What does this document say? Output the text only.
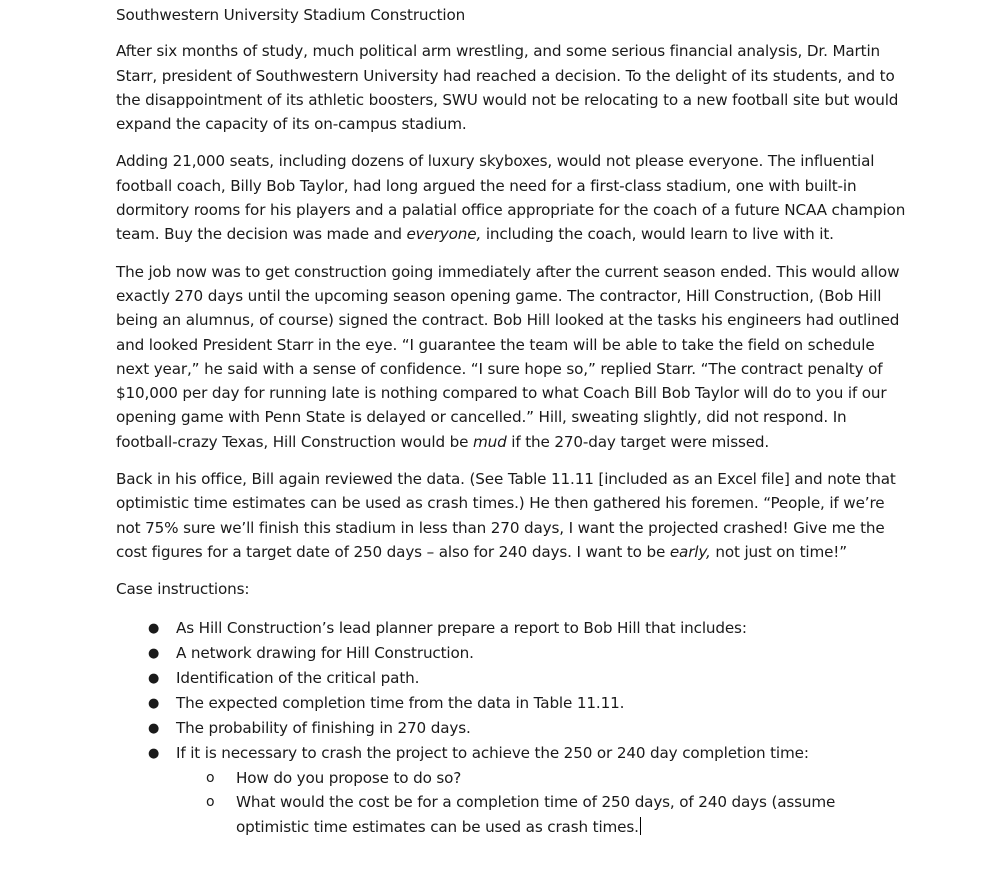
Southwestern University Stadium Construction

After six months of study, much political arm wrestling, and some serious financial analysis, Dr. Martin Starr, president of Southwestern University had reached a decision. To the delight of its students, and to the disappointment of its athletic boosters, SWU would not be relocating to a new football site but would expand the capacity of its on-campus stadium.

Adding 21,000 seats, including dozens of luxury skyboxes, would not please everyone. The influential football coach, Billy Bob Taylor, had long argued the need for a first-class stadium, one with built-in dormitory rooms for his players and a palatial office appropriate for the coach of a future NCAA champion team. Buy the decision was made and everyone, including the coach, would learn to live with it.

The job now was to get construction going immediately after the current season ended. This would allow exactly 270 days until the upcoming season opening game. The contractor, Hill Construction, (Bob Hill being an alumnus, of course) signed the contract. Bob Hill looked at the tasks his engineers had outlined and looked President Starr in the eye. “I guarantee the team will be able to take the field on schedule next year,” he said with a sense of confidence. “I sure hope so,” replied Starr. “The contract penalty of $10,000 per day for running late is nothing compared to what Coach Bill Bob Taylor will do to you if our opening game with Penn State is delayed or cancelled.” Hill, sweating slightly, did not respond. In football-crazy Texas, Hill Construction would be mud if the 270-day target were missed.

Back in his office, Bill again reviewed the data. (See Table 11.11 [included as an Excel file] and note that optimistic time estimates can be used as crash times.) He then gathered his foremen. “People, if we’re not 75% sure we’ll finish this stadium in less than 270 days, I want the projected crashed! Give me the cost figures for a target date of 250 days – also for 240 days. I want to be early, not just on time!”

Case instructions:

● As Hill Construction’s lead planner prepare a report to Bob Hill that includes:
● A network drawing for Hill Construction.
● Identification of the critical path.
● The expected completion time from the data in Table 11.11.
● The probability of finishing in 270 days.
● If it is necessary to crash the project to achieve the 250 or 240 day completion time:
o How do you propose to do so?
o What would the cost be for a completion time of 250 days, of 240 days (assume optimistic time estimates can be used as crash times.
